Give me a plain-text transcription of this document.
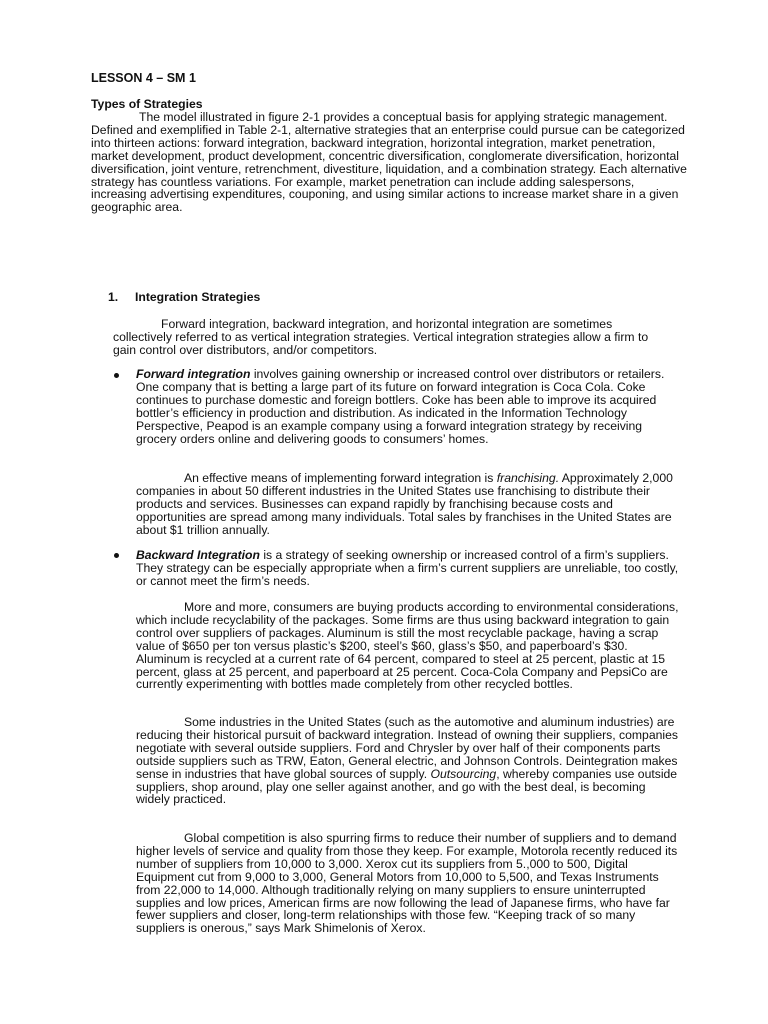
LESSON 4 – SM 1
Types of Strategies

The model illustrated in figure 2-1 provides a conceptual basis for applying strategic management. Defined and exemplified in Table 2-1, alternative strategies that an enterprise could pursue can be categorized into thirteen actions: forward integration, backward integration, horizontal integration, market penetration, market development, product development, concentric diversification, conglomerate diversification, horizontal diversification, joint venture, retrenchment, divestiture, liquidation, and a combination strategy. Each alternative strategy has countless variations. For example, market penetration can include adding salespersons, increasing advertising expenditures, couponing, and using similar actions to increase market share in a given geographic area.

1. Integration Strategies

Forward integration, backward integration, and horizontal integration are sometimes collectively referred to as vertical integration strategies. Vertical integration strategies allow a firm to gain control over distributors, and/or competitors.

Forward integration involves gaining ownership or increased control over distributors or retailers. One company that is betting a large part of its future on forward integration is Coca Cola. Coke continues to purchase domestic and foreign bottlers. Coke has been able to improve its acquired bottler’s efficiency in production and distribution. As indicated in the Information Technology Perspective, Peapod is an example company using a forward integration strategy by receiving grocery orders online and delivering goods to consumers’ homes.

An effective means of implementing forward integration is franchising. Approximately 2,000 companies in about 50 different industries in the United States use franchising to distribute their products and services. Businesses can expand rapidly by franchising because costs and opportunities are spread among many individuals. Total sales by franchises in the United States are about $1 trillion annually.

Backward Integration is a strategy of seeking ownership or increased control of a firm’s suppliers. They strategy can be especially appropriate when a firm’s current suppliers are unreliable, too costly, or cannot meet the firm’s needs.

More and more, consumers are buying products according to environmental considerations, which include recyclability of the packages. Some firms are thus using backward integration to gain control over suppliers of packages. Aluminum is still the most recyclable package, having a scrap value of $650 per ton versus plastic’s $200, steel’s $60, glass’s $50, and paperboard’s $30. Aluminum is recycled at a current rate of 64 percent, compared to steel at 25 percent, plastic at 15 percent, glass at 25 percent, and paperboard at 25 percent. Coca-Cola Company and PepsiCo are currently experimenting with bottles made completely from other recycled bottles.

Some industries in the United States (such as the automotive and aluminum industries) are reducing their historical pursuit of backward integration. Instead of owning their suppliers, companies negotiate with several outside suppliers. Ford and Chrysler by over half of their components parts outside suppliers such as TRW, Eaton, General electric, and Johnson Controls. Deintegration makes sense in industries that have global sources of supply. Outsourcing, whereby companies use outside suppliers, shop around, play one seller against another, and go with the best deal, is becoming widely practiced.

Global competition is also spurring firms to reduce their number of suppliers and to demand higher levels of service and quality from those they keep. For example, Motorola recently reduced its number of suppliers from 10,000 to 3,000. Xerox cut its suppliers from 5.,000 to 500, Digital Equipment cut from 9,000 to 3,000, General Motors from 10,000 to 5,500, and Texas Instruments from 22,000 to 14,000. Although traditionally relying on many suppliers to ensure uninterrupted supplies and low prices, American firms are now following the lead of Japanese firms, who have far fewer suppliers and closer, long-term relationships with those few. “Keeping track of so many suppliers is onerous,” says Mark Shimelonis of Xerox.
